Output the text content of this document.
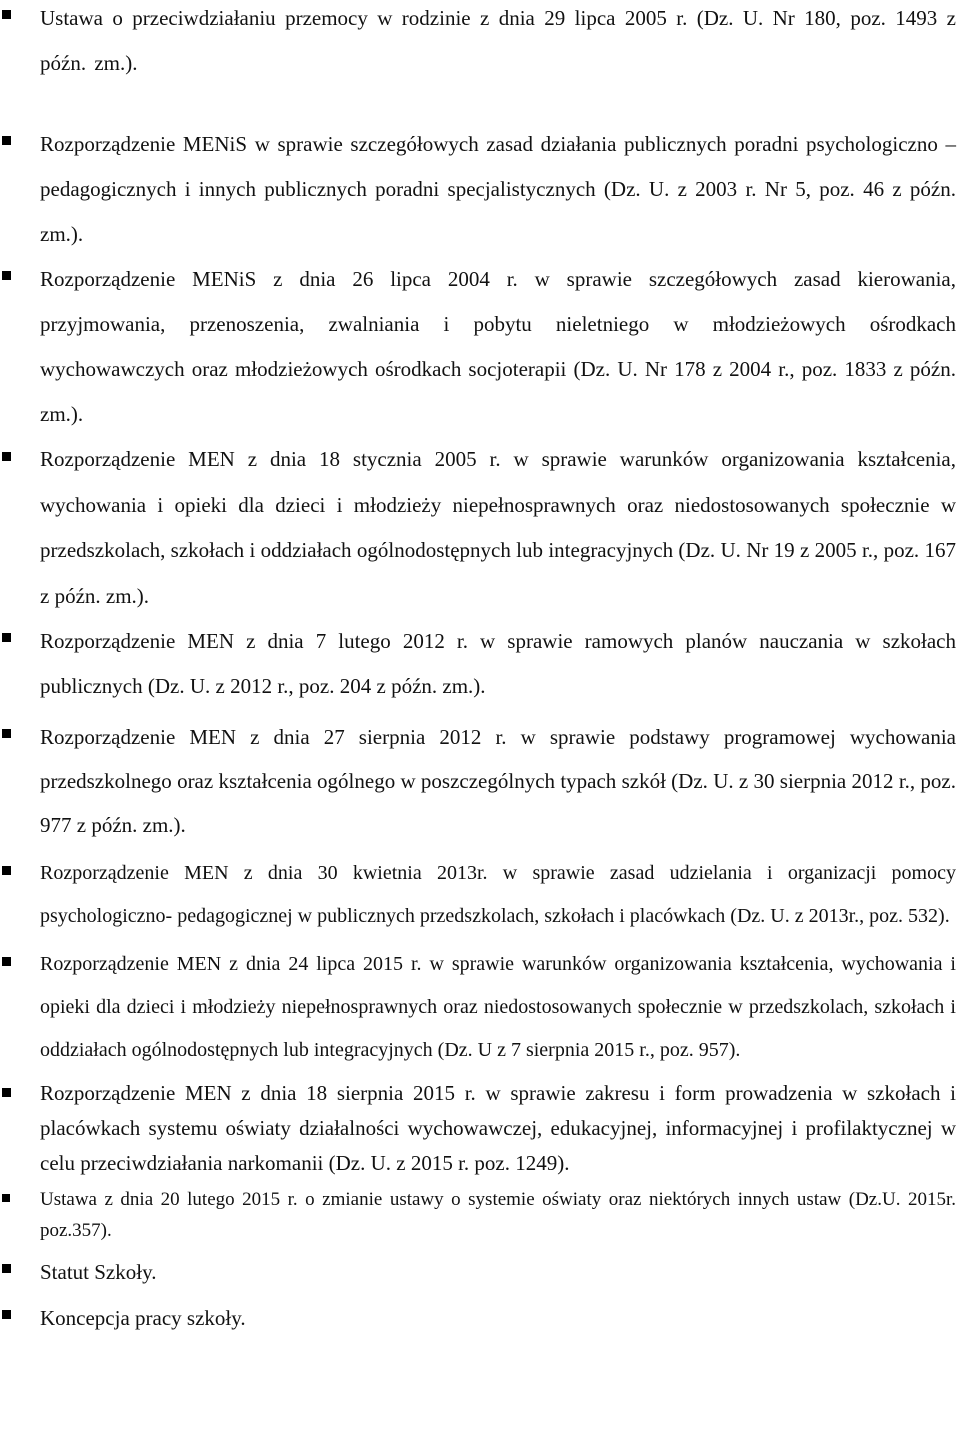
Ustawa o przeciwdziałaniu przemocy w rodzinie z dnia 29 lipca 2005 r. (Dz. U. Nr 180, poz. 1493 z późn. zm.).
Rozporządzenie MENiS w sprawie szczegółowych zasad działania publicznych poradni psychologiczno – pedagogicznych i innych publicznych poradni specjalistycznych (Dz. U. z 2003 r. Nr 5, poz. 46 z późn. zm.).
Rozporządzenie MENiS z dnia 26 lipca 2004 r. w sprawie szczegółowych zasad kierowania, przyjmowania, przenoszenia, zwalniania i pobytu nieletniego w młodzieżowych ośrodkach wychowawczych oraz młodzieżowych ośrodkach socjoterapii (Dz. U. Nr 178 z 2004 r., poz. 1833 z późn. zm.).
Rozporządzenie MEN z dnia 18 stycznia 2005 r. w sprawie warunków organizowania kształcenia, wychowania i opieki dla dzieci i młodzieży niepełnosprawnych oraz niedostosowanych społecznie w przedszkolach, szkołach i oddziałach ogólnodostępnych lub integracyjnych (Dz. U. Nr 19 z 2005 r., poz. 167 z późn. zm.).
Rozporządzenie MEN z dnia 7 lutego 2012 r. w sprawie ramowych planów nauczania w szkołach publicznych (Dz. U. z 2012 r., poz. 204 z późn. zm.).
Rozporządzenie MEN z dnia 27 sierpnia 2012 r. w sprawie podstawy programowej wychowania przedszkolnego oraz kształcenia ogólnego w poszczególnych typach szkół (Dz. U. z 30 sierpnia 2012 r., poz. 977 z późn. zm.).
Rozporządzenie MEN z dnia 30 kwietnia 2013r. w sprawie zasad udzielania i organizacji pomocy psychologiczno- pedagogicznej w publicznych przedszkolach, szkołach i placówkach (Dz. U. z 2013r., poz. 532).
Rozporządzenie MEN z dnia 24 lipca 2015 r. w sprawie warunków organizowania kształcenia, wychowania i opieki dla dzieci i młodzieży niepełnosprawnych oraz niedostosowanych społecznie w przedszkolach, szkołach i oddziałach ogólnodostępnych lub integracyjnych (Dz. U z 7 sierpnia 2015 r., poz. 957).
Rozporządzenie MEN z dnia 18 sierpnia 2015 r. w sprawie zakresu i form prowadzenia w szkołach i placówkach systemu oświaty działalności wychowawczej, edukacyjnej, informacyjnej i profilaktycznej w celu przeciwdziałania narkomanii (Dz. U. z 2015 r. poz. 1249).
Ustawa z dnia 20 lutego 2015 r. o zmianie ustawy o systemie oświaty oraz niektórych innych ustaw (Dz.U. 2015r. poz.357).
Statut Szkoły.
Koncepcja pracy szkoły.
